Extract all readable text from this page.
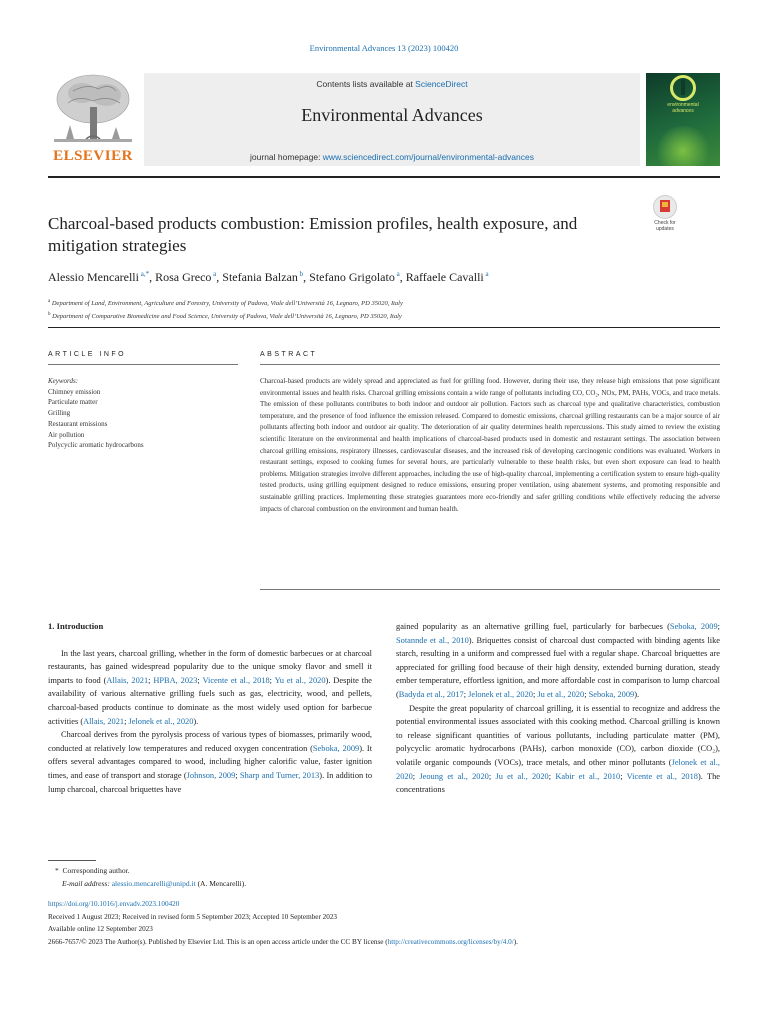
Environmental Advances 13 (2023) 100420
ELSEVIER
Contents lists available at ScienceDirect
Environmental Advances
journal homepage: www.sciencedirect.com/journal/environmental-advances
environmental
advances
Charcoal-based products combustion: Emission profiles, health exposure, and mitigation strategies
Check for
updates
Alessio Mencarelli $^{a,*}$, Rosa Greco $^a$, Stefania Balzan $^b$, Stefano Grigolato $^a$, Raffaele Cavalli $^a$
$^a$ Department of Land, Environment, Agriculture and Forestry, University of Padova, Viale dell’Università 16, Legnaro, PD 35020, Italy
$^b$ Department of Comparative Biomedicine and Food Science, University of Padova, Viale dell’Università 16, Legnaro, PD 35020, Italy
ARTICLE INFO	ABSTRACT
Keywords:
Chimney emission
Particulate matter
Grilling
Restaurant emissions
Air pollution
Polycyclic aromatic hydrocarbons
Charcoal-based products are widely spread and appreciated as fuel for grilling food. However, during their use, they release high emissions that pose significant environmental issues and health risks. Charcoal grilling emissions contain a wide range of pollutants including CO, CO₂, NOx, PM, PAHs, VOCs, and trace metals. The emission of these pollutants contributes to both indoor and outdoor air pollution. Factors such as charcoal type and qualitative characteristics, combustion temperature, and the presence of food influence the emission released. Compared to domestic emissions, charcoal grilling restaurants can be a major source of air pollutants affecting both indoor and outdoor air quality. The deterioration of air quality determines health repercussions. This study aimed to review the existing scientific literature on the environmental and health implications of charcoal-based products used in domestic and restaurant settings. The association between charcoal grilling emissions, respiratory illnesses, cardiovascular diseases, and the increased risk of developing carcinogenic conditions was evaluated. Workers in restaurant settings, exposed to cooking fumes for several hours, are particularly vulnerable to these health risks, but even short exposure can lead to health problems. Mitigation strategies involve different approaches, including the use of high-quality charcoal, implementing a certification system to ensure high-quality tested products, using grilling equipment designed to reduce emissions, ensuring proper ventilation, using abatement systems, and promoting responsible and sustainable grilling practices. Implementing these strategies guarantees more eco-friendly and safer grilling conditions while effectively reducing the adverse impacts of charcoal combustion on the environment and human health.
1. Introduction

In the last years, charcoal grilling, whether in the form of domestic barbecues or at charcoal restaurants, has gained widespread popularity due to the unique smoky flavor and smell it imparts to food (Allais, 2021; HPBA, 2023; Vicente et al., 2018; Yu et al., 2020). Despite the availability of various alternative grilling fuels such as gas, electricity, wood, and pellets, charcoal-based products continue to dominate as the most widely used option for barbecue activities (Allais, 2021; Jelonek et al., 2020).

Charcoal derives from the pyrolysis process of various types of biomasses, primarily wood, conducted at relatively low temperatures and reduced oxygen concentration (Seboka, 2009). It offers several advantages compared to wood, including higher calorific value, faster ignition times, and ease of transport and storage (Johnson, 2009; Sharp and Turner, 2013). In addition to lump charcoal, charcoal briquettes have

gained popularity as an alternative grilling fuel, particularly for barbecues (Seboka, 2009; Sotannde et al., 2010). Briquettes consist of charcoal dust compacted with binding agents like starch, resulting in a uniform and compressed fuel with a regular shape. Charcoal briquettes are appreciated for grilling food because of their high density, extended burning duration, steady ember temperature, effortless ignition, and more affordable cost in comparison to lump charcoal (Badyda et al., 2017; Jelonek et al., 2020; Ju et al., 2020; Seboka, 2009).

Despite the great popularity of charcoal grilling, it is essential to recognize and address the potential environmental issues associated with this cooking method. Charcoal grilling is known to release significant quantities of various pollutants, including particulate matter (PM), polycyclic aromatic hydrocarbons (PAHs), carbon monoxide (CO), carbon dioxide (CO₂), volatile organic compounds (VOCs), trace metals, and other minor pollutants (Jelonek et al., 2020; Jeoung et al., 2020; Ju et al., 2020; Kabir et al., 2010; Vicente et al., 2018). The concentrations

* Corresponding author.
E-mail address: alessio.mencarelli@unipd.it (A. Mencarelli).
https://doi.org/10.1016/j.envadv.2023.100420
Received 1 August 2023; Received in revised form 5 September 2023; Accepted 10 September 2023
Available online 12 September 2023
2666-7657/© 2023 The Author(s). Published by Elsevier Ltd. This is an open access article under the CC BY license (http://creativecommons.org/licenses/by/4.0/).
